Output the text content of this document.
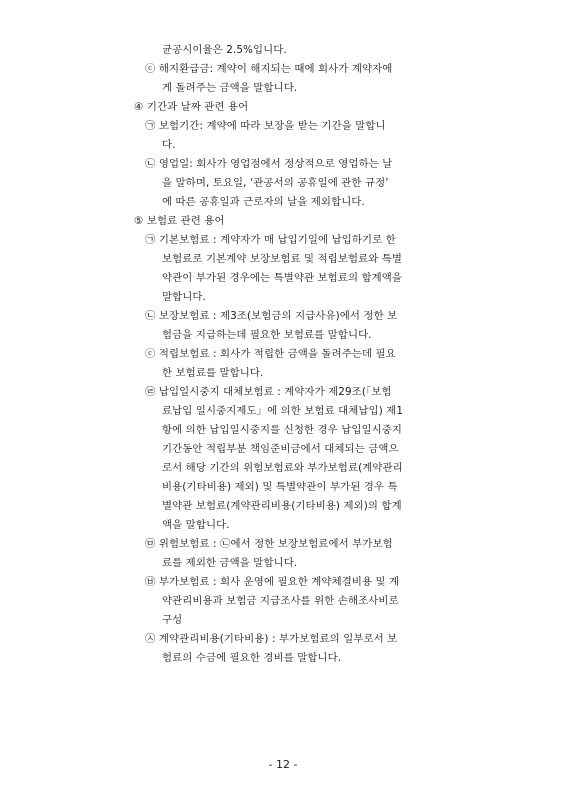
균공시이율은 2.5%입니다.
ⓒ 해지환급금: 계약이 해지되는 때에 회사가 계약자에
게 돌려주는 금액을 말합니다.
④ 기간과 날짜 관련 용어
㉠ 보험기간: 계약에 따라 보장을 받는 기간을 말합니
다.
㉡ 영업일: 회사가 영업점에서 정상적으로 영업하는 날
을 말하며, 토요일, ‘관공서의 공휴일에 관한 규정’
에 따른 공휴일과 근로자의 날을 제외합니다.
⑤ 보험료 관련 용어
㉠ 기본보험료 : 계약자가 매 납입기일에 납입하기로 한
보험료로 기본계약 보장보험료 및 적립보험료와 특별
약관이 부가된 경우에는 특별약관 보험료의 합계액을
말합니다.
㉡ 보장보험료 : 제3조(보험금의 지급사유)에서 정한 보
험금을 지급하는데 필요한 보험료를 말합니다.
ⓒ 적립보험료 : 회사가 적립한 금액을 돌려주는데 필요
한 보험료를 말합니다.
㉣ 납입일시중지 대체보험료 : 계약자가 제29조(「보험
료납입 일시중지제도」에 의한 보험료 대체납입) 제1
항에 의한 납입일시중지를 신청한 경우 납입일시중지
기간동안 적립부분 책임준비금에서 대체되는 금액으
로서 해당 기간의 위험보험료와 부가보험료(계약관리
비용(기타비용) 제외) 및 특별약관이 부가된 경우 특
별약관 보험료(계약관리비용(기타비용) 제외)의 합계
액을 말합니다.
㉤ 위험보험료 : ㉡에서 정한 보장보험료에서 부가보험
료를 제외한 금액을 말합니다.
㉥ 부가보험료 : 회사 운영에 필요한 계약체결비용 및 계
약관리비용과 보험금 지급조사를 위한 손해조사비로
구성
㉦ 계약관리비용(기타비용) : 부가보험료의 일부로서 보
험료의 수금에 필요한 경비를 말합니다.
- 12 -
